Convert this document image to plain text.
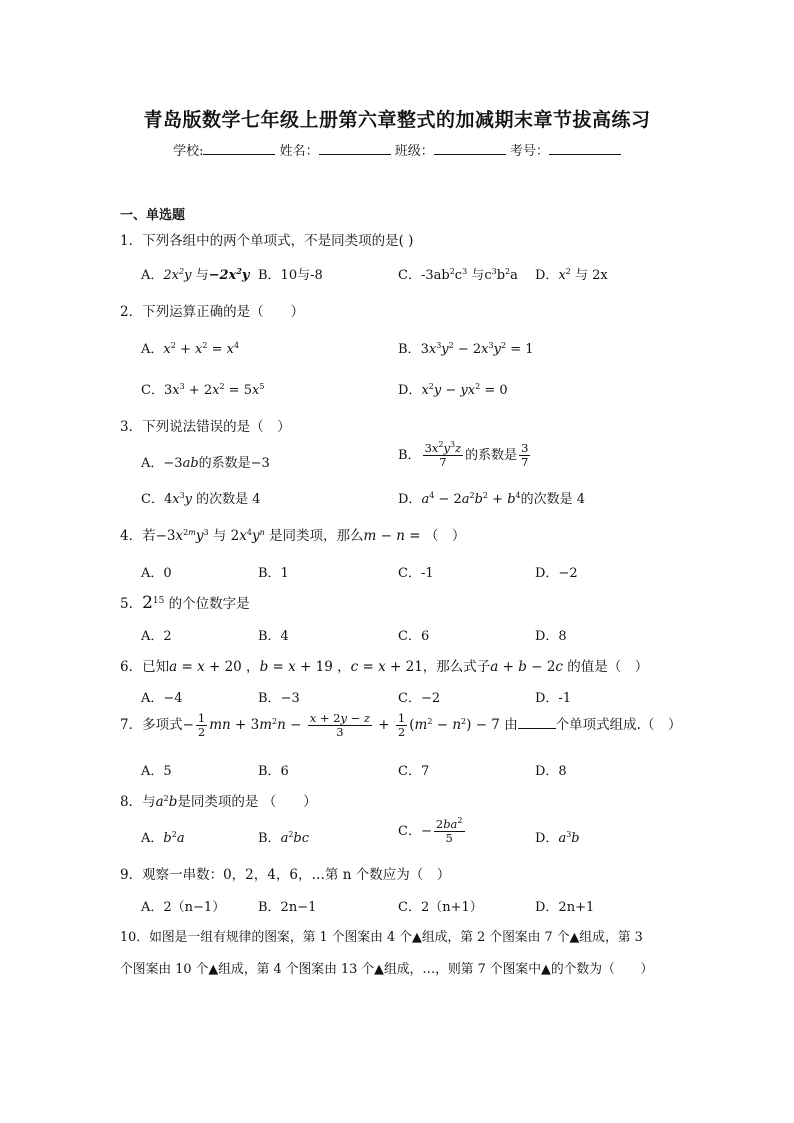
青岛版数学七年级上册第六章整式的加减期末章节拔高练习
学校:	姓名：	班级：	考号：
一、单选题
1．下列各组中的两个单项式，不是同类项的是( )
A．$2x^2y$ 与$-2x^2y$ B．10与-8	C．$-3ab^2c^3$ 与$c^3b^2a$ D．$x^2$ 与 2x
2．下列运算正确的是（　　）
A．$x^2 + x^2 = x^4$	B．$3x^3y^2 - 2x^3y^2 = 1$
C．$3x^3 + 2x^2 = 5x^5$	D．$x^2y - yx^2 = 0$
3．下列说法错误的是（　）
A．−3ab的系数是−3
B． $\frac{3x^2y^3z}{7}$ 的系数是 $\frac{3}{7}$
C．$4x^3y$ 的次数是 4	D．$a^4 - 2a^2b^2 + b^4$的次数是 4
4．若$-3x^{2m}y^3$ 与 $2x^4y^n$ 是同类项，那么m − n = （　）
A．0	B．1	C．-1	D．−2
5．$2^{15}$ 的个位数字是
A．2	B．4	C．6	D．8
6．已知a = x + 20 ，b = x + 19 ，c = x + 21，那么式子a + b − 2c 的值是（　）
A．−4	B．−3	C．−2	D．-1
7．多项式− $\frac{1}{2}$ mn + $3m^2n - \frac{x + 2y - z}{3} + \frac{1}{2} (m^2 - n^2) - 7$ 由	个单项式组成.（　）
A．5	B．6	C．7	D．8
8．与$a^2b$是同类项的是 （　　）
A．$b^2a$	B．$a^2bc$	C．− $\frac{2ba^2}{5}$	D．$a^3b$
9．观察一串数：0，2，4，6，…第 n 个数应为（　）
A．2（n−1）	B．2n−1	C．2（n+1）	D．2n+1
10．如图是一组有规律的图案，第 1 个图案由 4 个▲组成，第 2 个图案由 7 个▲组成，第 3
个图案由 10 个▲组成，第 4 个图案由 13 个▲组成，…，则第 7 个图案中▲的个数为（　　）
